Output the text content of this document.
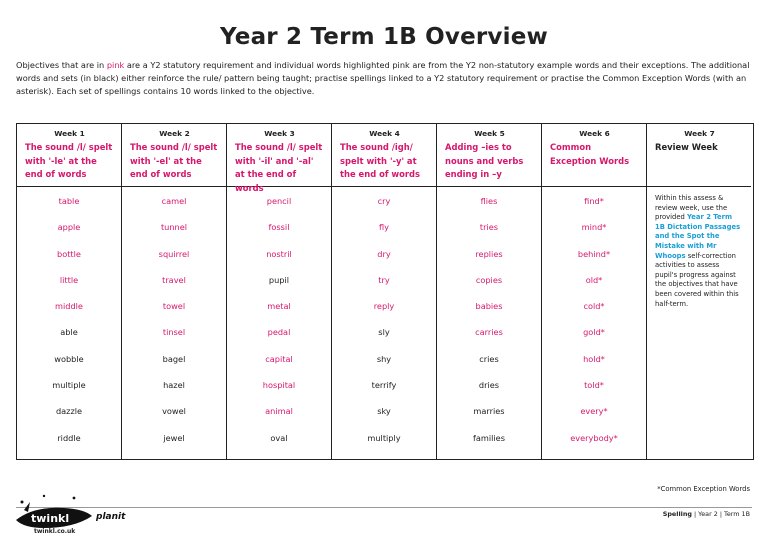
Year 2 Term 1B Overview
Objectives that are in pink are a Y2 statutory requirement and individual words highlighted pink are from the Y2 non-statutory example words and their exceptions. The additional words and sets (in black) either reinforce the rule/ pattern being taught; practise spellings linked to a Y2 statutory requirement or practise the Common Exception Words (with an asterisk). Each set of spellings contains 10 words linked to the objective.
Week 1
The sound /l/ spelt with '-le' at the end of words
table
apple
bottle
little
middle
able
wobble
multiple
dazzle
riddle
Week 2
The sound /l/ spelt with '-el' at the end of words
camel
tunnel
squirrel
travel
towel
tinsel
bagel
hazel
vowel
jewel
Week 3
The sound /l/ spelt with '-il' and '-al' at the end of words
pencil
fossil
nostril
pupil
metal
pedal
capital
hospital
animal
oval
Week 4
The sound /igh/ spelt with '-y' at the end of words
cry
fly
dry
try
reply
sly
shy
terrify
sky
multiply
Week 5
Adding –ies to nouns and verbs ending in –y
flies
tries
replies
copies
babies
carries
cries
dries
marries
families
Week 6
Common Exception Words
find*
mind*
behind*
old*
cold*
gold*
hold*
told*
every*
everybody*
Week 7
Review Week
Within this assess & review week, use the provided Year 2 Term 1B Dictation Passages and the Spot the Mistake with Mr Whoops self-correction activities to assess pupil's progress against the objectives that have been covered within this half-term.
*Common Exception Words
Spelling | Year 2 | Term 1B
twinkl	planit
twinkl.co.uk
